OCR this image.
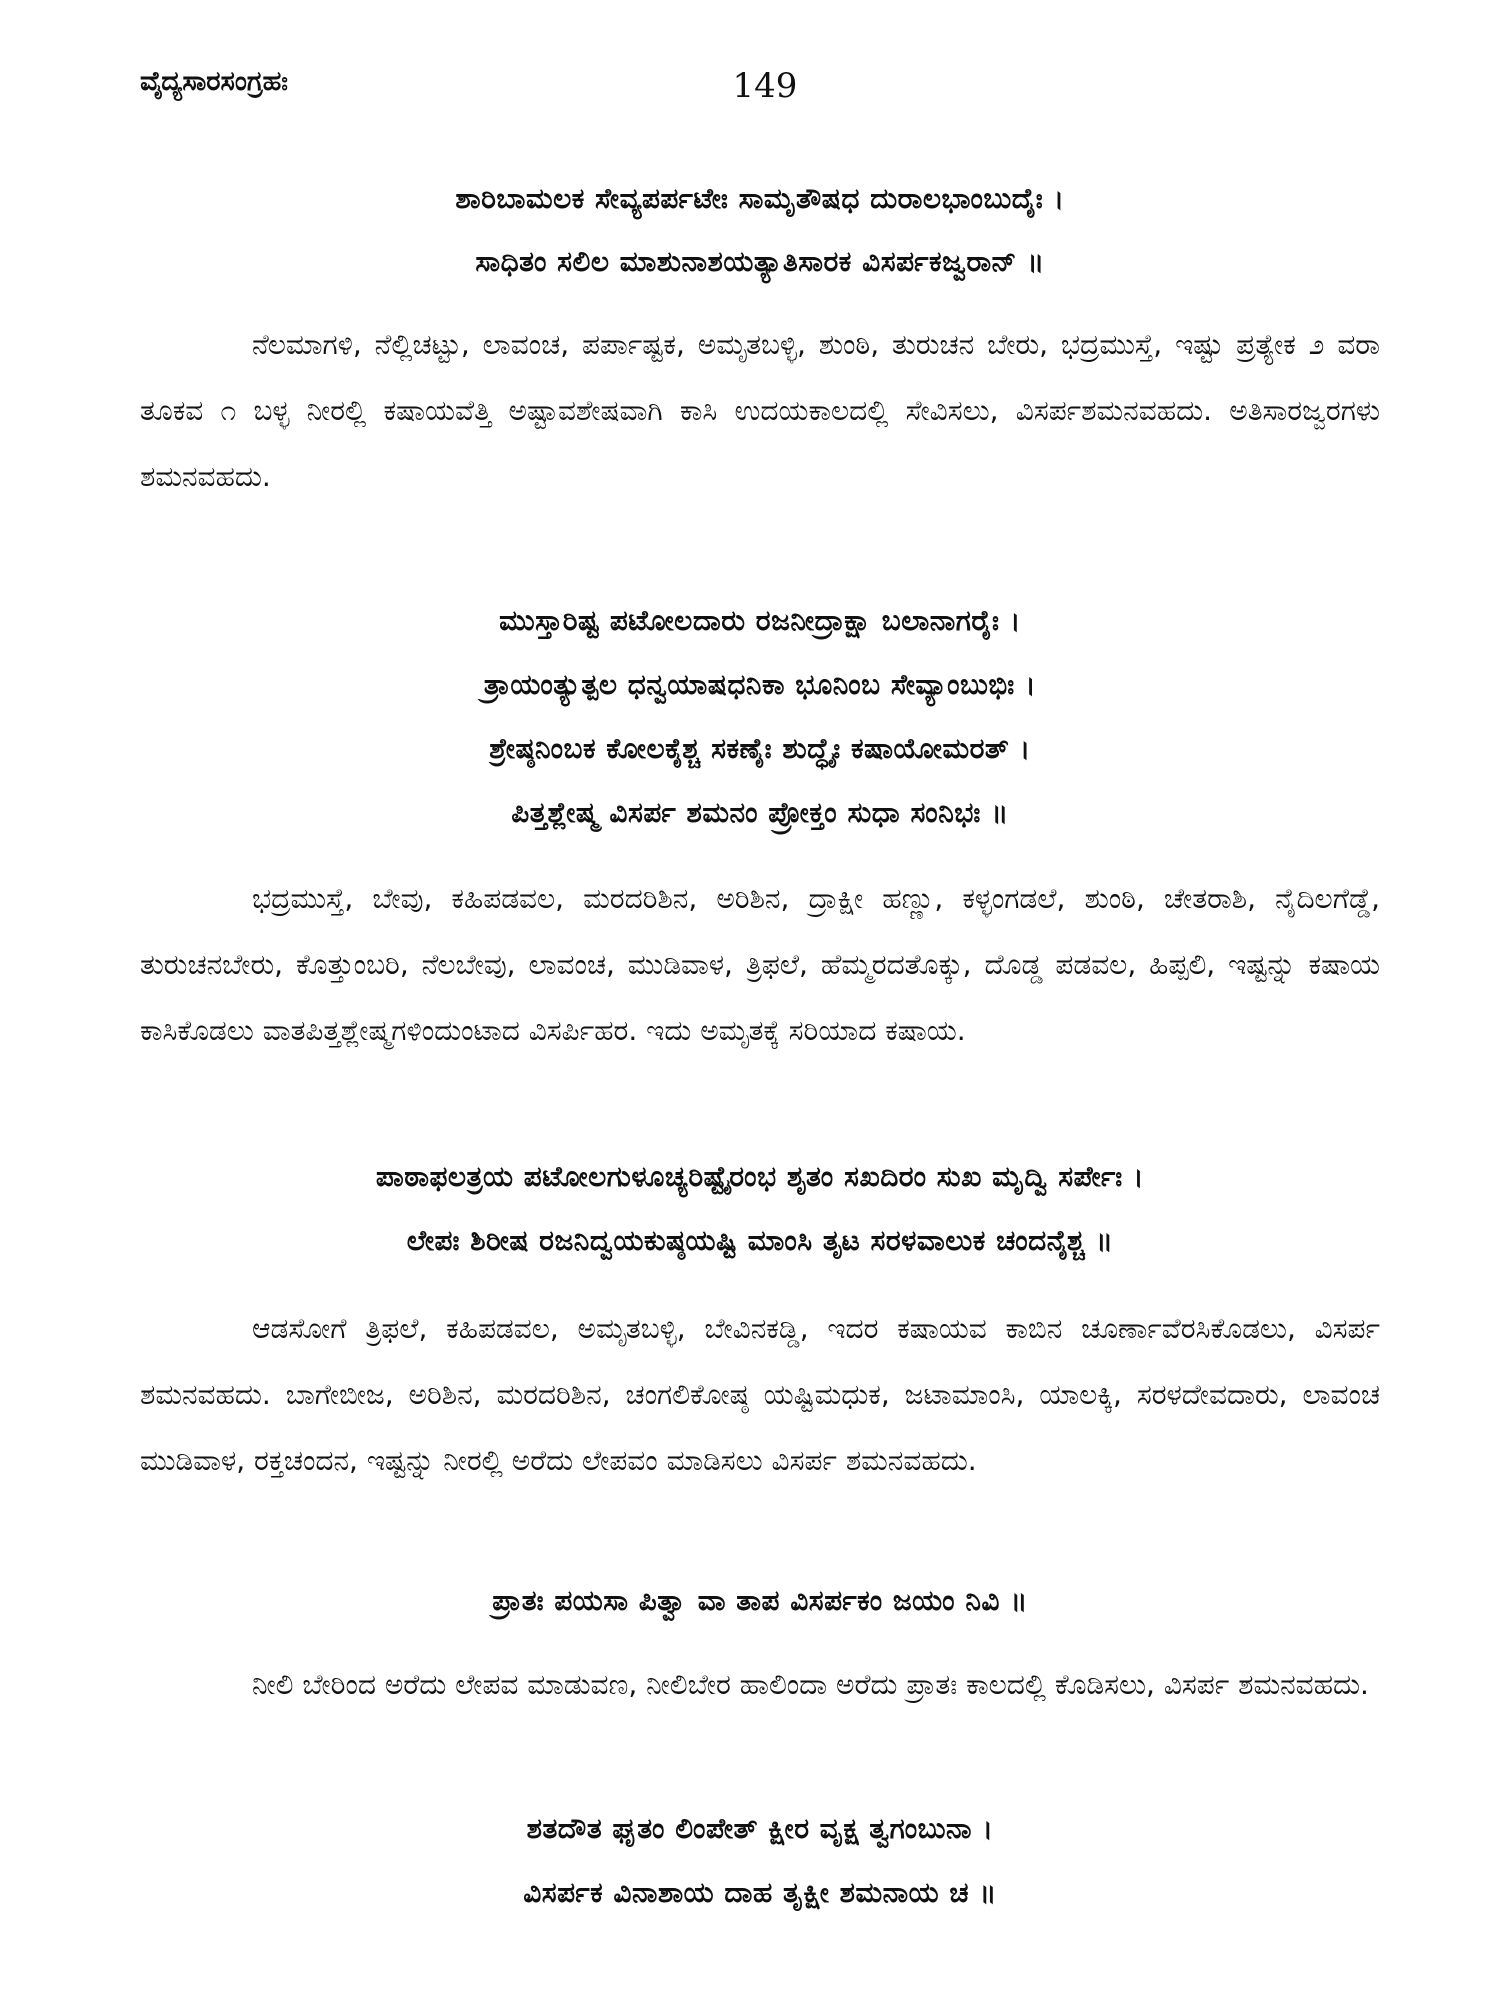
ವೈದ್ಯಸಾರಸಂಗ್ರಹಃ	149
ಶಾರಿಬಾಮಲಕ ಸೇವ್ಯಪರ್ಪಟೇಃ ಸಾಮೃತೌಷಧ ದುರಾಲಭಾಂಬುದೈಃ ।
ಸಾಧಿತಂ ಸಲಿಲ ಮಾಶುನಾಶಯತ್ಯಾತಿಸಾರಕ ವಿಸರ್ಪಕಜ್ವರಾನ್ ॥

ನೆಲಮಾಗಳಿ, ನೆಲ್ಲಿಚಟ್ಟು, ಲಾವಂಚ, ಪರ್ಪಾಷ್ಟಕ, ಅಮೃತಬಳ್ಳಿ, ಶುಂಠಿ, ತುರುಚನ ಬೇರು, ಭದ್ರಮುಸ್ತೆ, ಇಷ್ಟು ಪ್ರತ್ಯೇಕ ೨ ವರಾ ತೂಕವ ೧ ಬಳ್ಳ ನೀರಲ್ಲಿ ಕಷಾಯವೆತ್ತಿ ಅಷ್ಟಾವಶೇಷವಾಗಿ ಕಾಸಿ ಉದಯಕಾಲದಲ್ಲಿ ಸೇವಿಸಲು, ವಿಸರ್ಪಶಮನವಹದು. ಅತಿಸಾರಜ್ವರಗಳು ಶಮನವಹದು.

ಮುಸ್ತಾರಿಷ್ಟ ಪಟೋಲದಾರು ರಜನೀದ್ರಾಕ್ಷಾ ಬಲಾನಾಗರೈಃ ।
ತ್ರಾಯಂತ್ಯುತ್ಪಲ ಧನ್ವಯಾಷಧನಿಕಾ ಭೂನಿಂಬ ಸೇವ್ಯಾಂಬುಭಿಃ ।
ಶ್ರೇಷ್ಠನಿಂಬಕ ಕೋಲಕೈಶ್ಚ ಸಕಣೈಃ ಶುದ್ಧೈಃ ಕಷಾಯೋಮರತ್ ।
ಪಿತ್ತಶ್ಲೇಷ್ಮ ವಿಸರ್ಪ ಶಮನಂ ಪ್ರೋಕ್ತಂ ಸುಧಾ ಸಂನಿಭಃ ॥

ಭದ್ರಮುಸ್ತೆ, ಬೇವು, ಕಹಿಪಡವಲ, ಮರದರಿಶಿನ, ಅರಿಶಿನ, ದ್ರಾಕ್ಷೀ ಹಣ್ಣು, ಕಳ್ಳಂಗಡಲೆ, ಶುಂಠಿ, ಚೇತರಾಶಿ, ನೈದಿಲಗೆಡ್ಡೆ, ತುರುಚನಬೇರು, ಕೊತ್ತುಂಬರಿ, ನೆಲಬೇವು, ಲಾವಂಚ, ಮುಡಿವಾಳ, ತ್ರಿಫಲೆ, ಹೆಮ್ಮರದತೊಕ್ಕು, ದೊಡ್ಡ ಪಡವಲ, ಹಿಪ್ಪಲಿ, ಇಷ್ಟನ್ನು ಕಷಾಯ ಕಾಸಿಕೊಡಲು ವಾತಪಿತ್ತಶ್ಲೇಷ್ಮಗಳಿಂದುಂಟಾದ ವಿಸರ್ಪಿಹರ. ಇದು ಅಮೃತಕ್ಕೆ ಸರಿಯಾದ ಕಷಾಯ.

ಪಾಠಾಫಲತ್ರಯ ಪಟೋಲಗುಳೂಚ್ಯರಿಷ್ಟೈರಂಭ ಶೃತಂ ಸಖದಿರಂ ಸುಖ ಮೃದ್ವಿ ಸರ್ಪೇಃ ।
ಲೇಪಃ ಶಿರೀಷ ರಜನಿದ್ವಯಕುಷ್ಠಯಷ್ಟಿ ಮಾಂಸಿ ತೃಟ ಸರಳವಾಲುಕ ಚಂದನೈಶ್ಚ ॥

ಆಡಸೋಗೆ ತ್ರಿಫಲೆ, ಕಹಿಪಡವಲ, ಅಮೃತಬಳ್ಳಿ, ಬೇವಿನಕಡ್ಡಿ, ಇದರ ಕಷಾಯವ ಕಾಬಿನ ಚೂರ್ಣಾವೆರಸಿಕೊಡಲು, ವಿಸರ್ಪ ಶಮನವಹದು. ಬಾಗೇಬೀಜ, ಅರಿಶಿನ, ಮರದರಿಶಿನ, ಚಂಗಲಿಕೋಷ್ಠ ಯಷ್ಟಿಮಧುಕ, ಜಟಾಮಾಂಸಿ, ಯಾಲಕ್ಕಿ, ಸರಳದೇವದಾರು, ಲಾವಂಚ ಮುಡಿವಾಳ, ರಕ್ತಚಂದನ, ಇಷ್ಟನ್ನು ನೀರಲ್ಲಿ ಅರೆದು ಲೇಪವಂ ಮಾಡಿಸಲು ವಿಸರ್ಪ ಶಮನವಹದು.

ಪ್ರಾತಃ ಪಯಸಾ ಪಿತ್ವಾ ವಾ ತಾಪ ವಿಸರ್ಪಕಂ ಜಯಂ ನಿವಿ ॥

ನೀಲಿ ಬೇರಿಂದ ಅರೆದು ಲೇಪವ ಮಾಡುವಣ, ನೀಲಿಬೇರ ಹಾಲಿಂದಾ ಅರೆದು ಪ್ರಾತಃ ಕಾಲದಲ್ಲಿ ಕೊಡಿಸಲು, ವಿಸರ್ಪ ಶಮನವಹದು.

ಶತದೌತ ಘೃತಂ ಲಿಂಪೇತ್ ಕ್ಷೀರ ವೃಕ್ಷ ತ್ವಗಂಬುನಾ ।
ವಿಸರ್ಪಕ ವಿನಾಶಾಯ ದಾಹ ತೃಕ್ಷೀ ಶಮನಾಯ ಚ ॥
